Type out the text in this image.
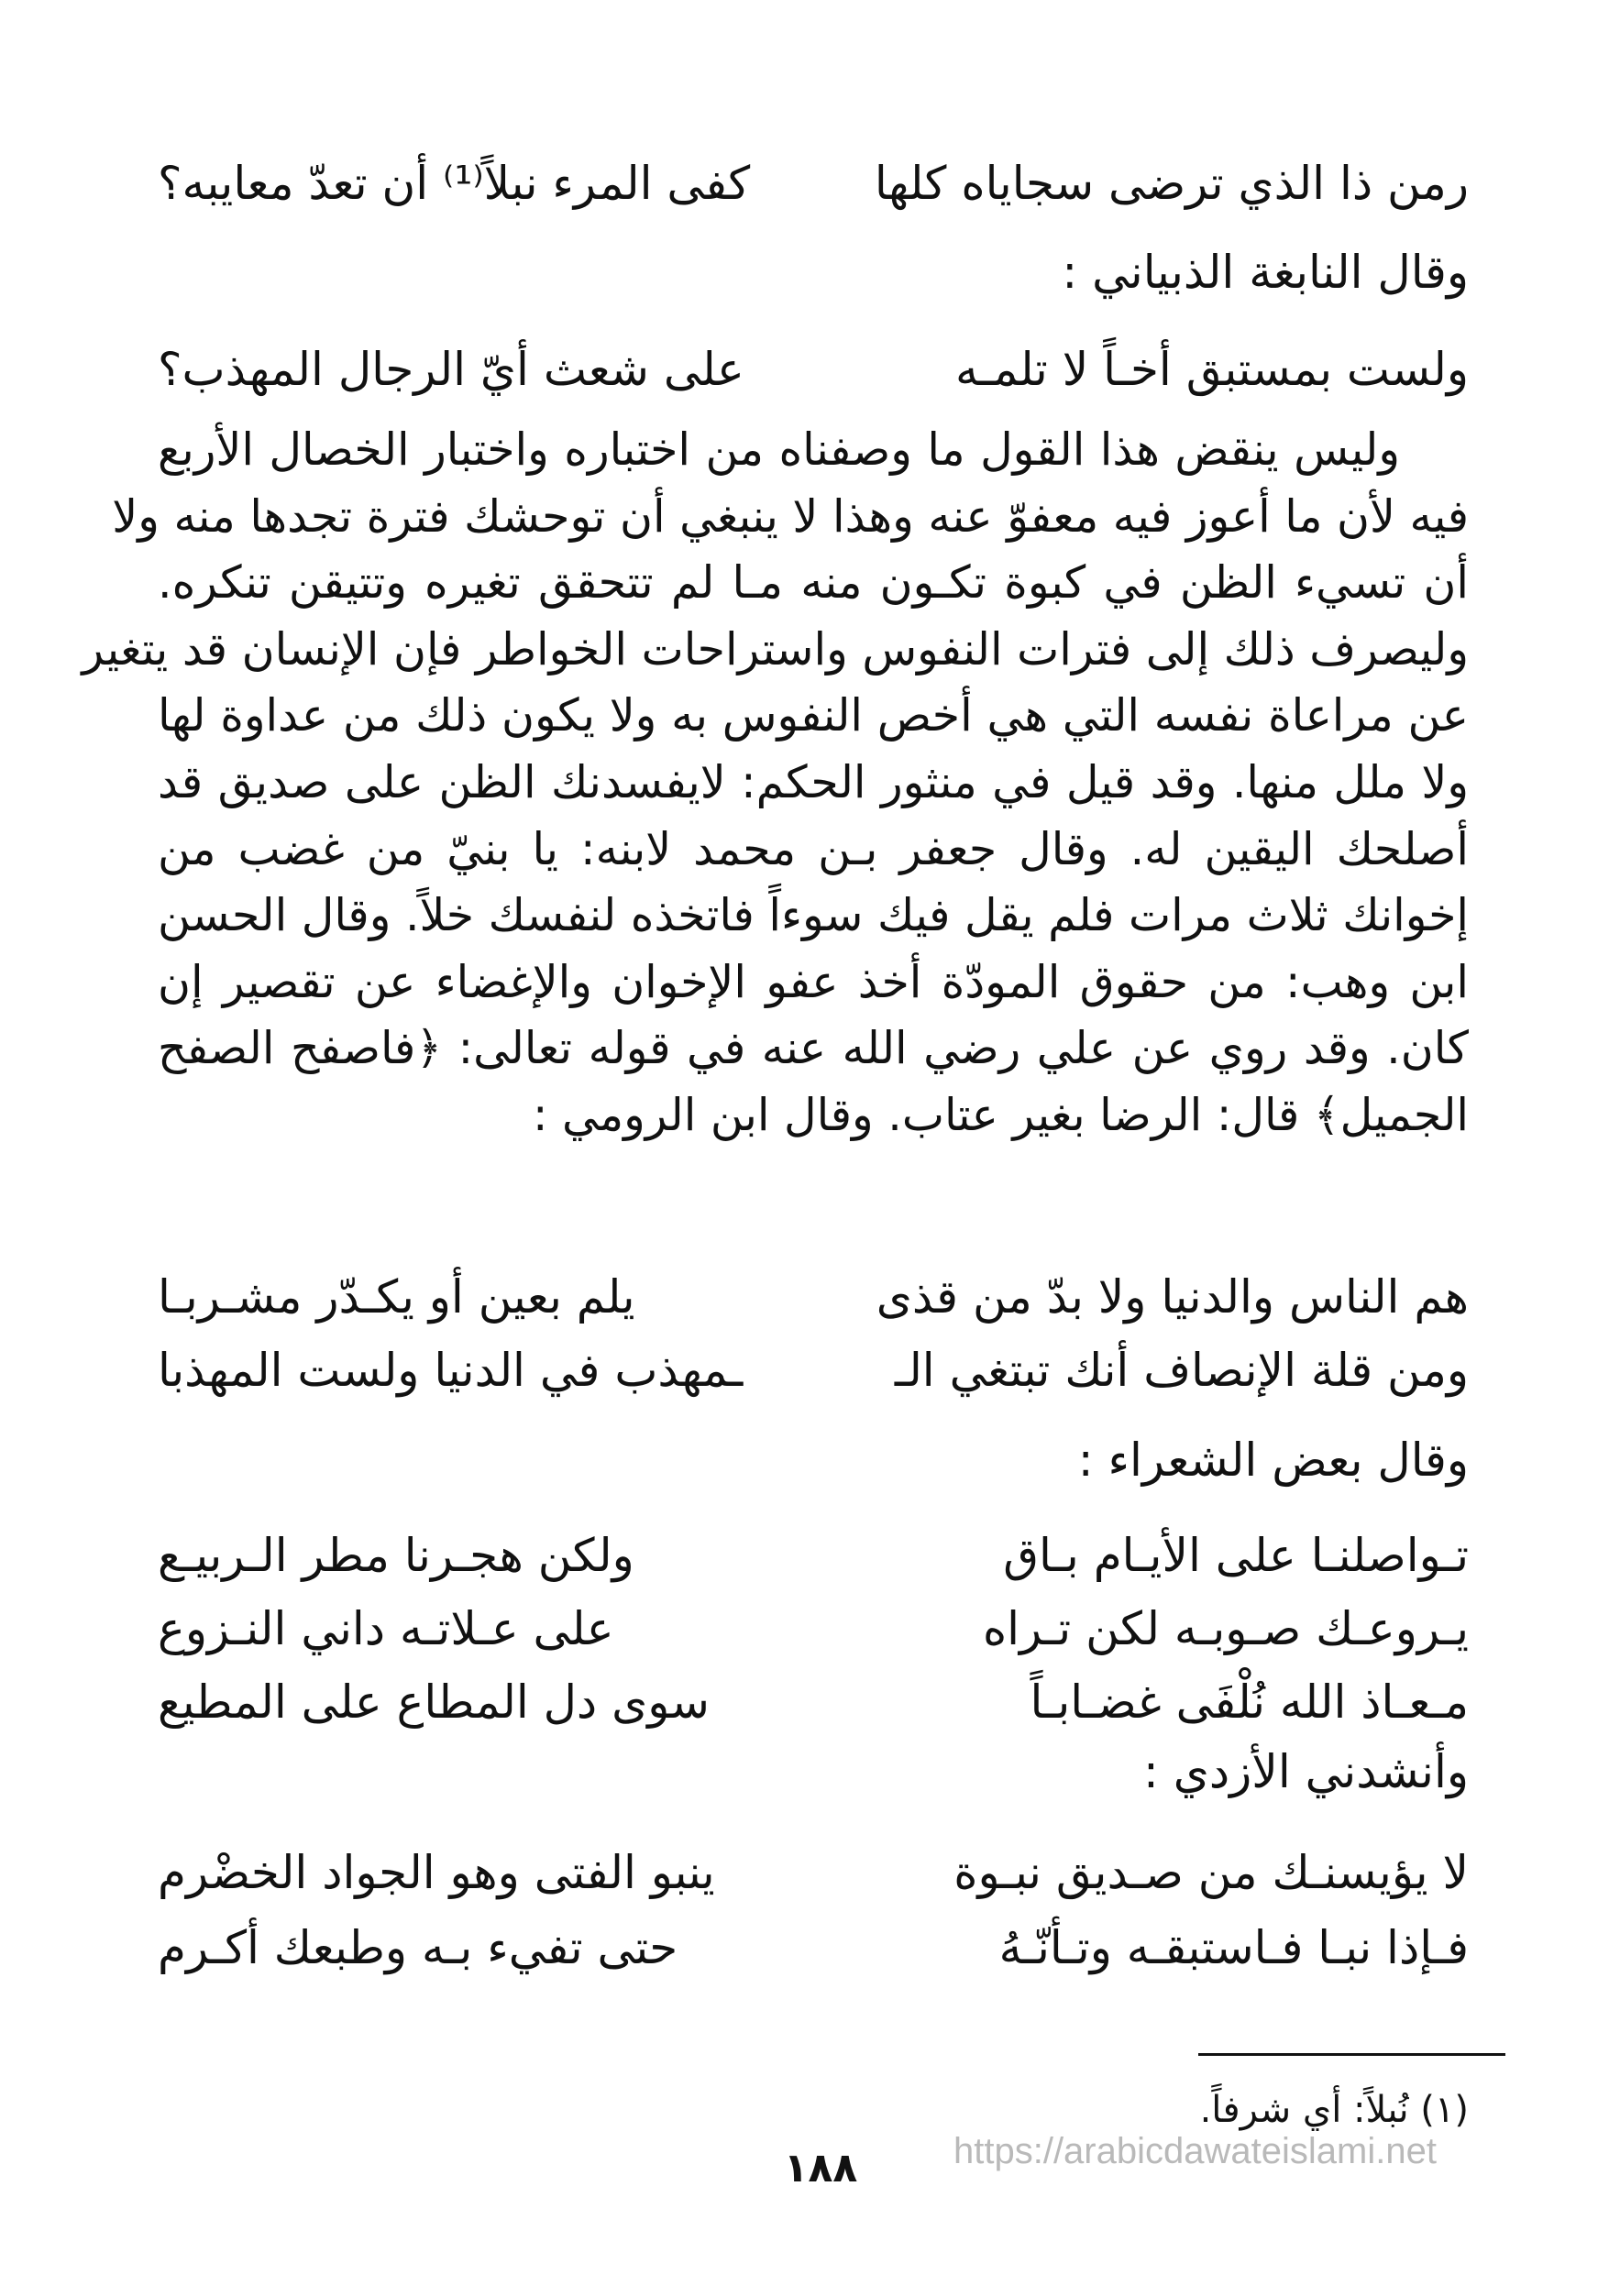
رمن ذا الذي ترضى سجاياه كلها
كفى المرء نبلاً⁽¹⁾ أن تعدّ معايبه؟
وقال النابغة الذبياني :
ولست بمستبق أخـاً لا تلمـه
على شعث أيّ الرجال المهذب؟
وليس ينقض هذا القول ما وصفناه من اختباره واختبار الخصال الأربع
فيه لأن ما أعوز فيه معفوّ عنه وهذا لا ينبغي أن توحشك فترة تجدها منه ولا
أن تسيء الظن في كبوة تكـون منه مـا لم تتحقق تغيره وتتيقن تنكره.
وليصرف ذلك إلى فترات النفوس واستراحات الخواطر فإن الإنسان قد يتغير
عن مراعاة نفسه التي هي أخص النفوس به ولا يكون ذلك من عداوة لها
ولا ملل منها. وقد قيل في منثور الحكم: لايفسدنك الظن على صديق قد
أصلحك اليقين له. وقال جعفر بـن محمد لابنه: يا بنيّ من غضب من
إخوانك ثلاث مرات فلم يقل فيك سوءاً فاتخذه لنفسك خلاً. وقال الحسن
ابن وهب: من حقوق المودّة أخذ عفو الإخوان والإغضاء عن تقصير إن
كان. وقد روي عن علي رضي الله عنه في قوله تعالى: ﴿فاصفح الصفح
الجميل﴾ قال: الرضا بغير عتاب. وقال ابن الرومي :
هم الناس والدنيا ولا بدّ من قذى
يلم بعين أو يكـدّر مشـربـا
ومن قلة الإنصاف أنك تبتغي الـ
ـمهذب في الدنيا ولست المهذبا
وقال بعض الشعراء :
تـواصلنـا على الأيـام بـاق
ولكن هجـرنا مطر الـربيـع
يـروعـك صـوبـه لكن تـراه
على عـلاتـه داني النـزوع
مـعـاذ الله نُلْفَى غضـابـاً
سوى دل المطاع على المطيع
وأنشدني الأزدي :
لا يؤيسنـك من صـديق نبـوة
ينبو الفتى وهو الجواد الخضْرم
فـإذا نبـا فـاستبقـه وتـأنّـهُ
حتى تفيء بـه وطبعك أكـرم
(١) نُبلاً: أي شرفاً.
١٨٨	https://arabicdawateislami.net
